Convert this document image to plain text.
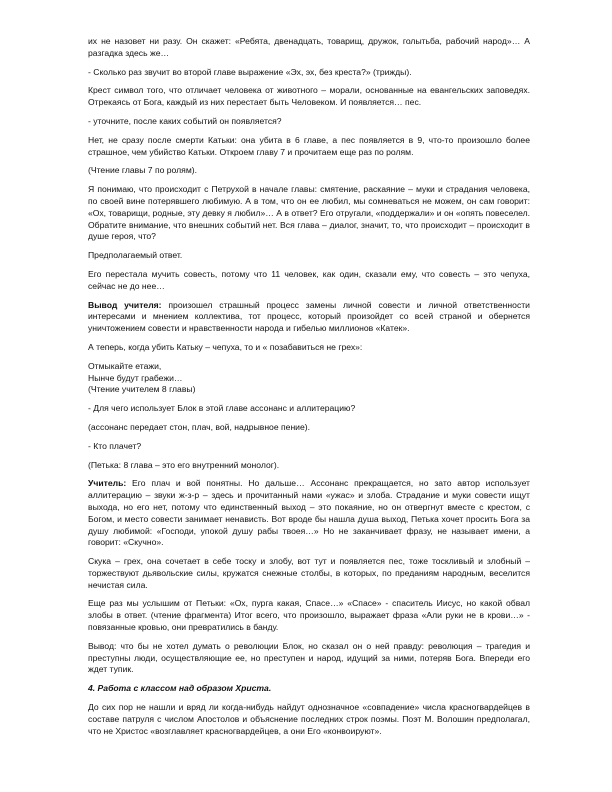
их не назовет ни разу. Он скажет: «Ребята, двенадцать, товарищ, дружок, голытьба, рабочий народ»… А разгадка здесь же…

- Сколько раз звучит во второй главе выражение «Эх, эх, без креста?» (трижды).

Крест символ того, что отличает человека от животного – морали, основанные на евангельских заповедях. Отрекаясь от Бога, каждый из них перестает быть Человеком. И появляется… пес.

- уточните, после каких событий он появляется?

Нет, не сразу после смерти Катьки: она убита в 6 главе, а пес появляется в 9, что-то произошло более страшное, чем убийство Катьки. Откроем главу 7 и прочитаем еще раз по ролям.

(Чтение главы 7 по ролям).

Я понимаю, что происходит с Петрухой в начале главы: смятение, раскаяние – муки и страдания человека, по своей вине потерявшего любимую. А в том, что он ее любил, мы сомневаться не можем, он сам говорит: «Ох, товарищи, родные, эту девку я любил»… А в ответ? Его отругали, «поддержали» и он «опять повеселел. Обратите внимание, что внешних событий нет. Вся глава – диалог, значит, то, что происходит – происходит в душе героя, что?

Предполагаемый ответ.

Его перестала мучить совесть, потому что 11 человек, как один, сказали ему, что совесть – это чепуха, сейчас не до нее…

Вывод учителя: произошел страшный процесс замены личной совести и личной ответственности интересами и мнением коллектива, тот процесс, который произойдет со всей страной и обернется уничтожением совести и нравственности народа и гибелью миллионов «Катек».

А теперь, когда убить Катьку – чепуха, то и « позабавиться не грех»:

Отмыкайте етажи,

Нынче будут грабежи…

(Чтение учителем 8 главы)

- Для чего использует Блок в этой главе ассонанс и аллитерацию?

(ассонанс передает стон, плач, вой, надрывное пение).

- Кто плачет?

(Петька: 8 глава – это его внутренний монолог).

Учитель: Его плач и вой понятны. Но дальше… Ассонанс прекращается, но зато автор использует аллитерацию – звуки ж-з-р – здесь и прочитанный нами «ужас» и злоба. Страдание и муки совести ищут выхода, но его нет, потому что единственный выход – это покаяние, но он отвергнут вместе с крестом, с Богом, и место совести занимает ненависть. Вот вроде бы нашла душа выход, Петька хочет просить Бога за душу любимой: «Господи, упокой душу рабы твоея…» Но не заканчивает фразу, не называет имени, а говорит: «Скучно».

Скука – грех, она сочетает в себе тоску и злобу, вот тут и появляется пес, тоже тоскливый и злобный – торжествуют дьявольские силы, кружатся снежные столбы, в которых, по преданиям народным, веселится нечистая сила.

Еще раз мы услышим от Петьки: «Ох, пурга какая, Спасе…» «Спасе» - спаситель Иисус, но какой обвал злобы в ответ. (чтение фрагмента) Итог всего, что произошло, выражает фраза «Али руки не в крови…» - повязанные кровью, они превратились в банду.

Вывод: что бы не хотел думать о революции Блок, но сказал он о ней правду: революция – трагедия и преступны люди, осуществляющие ее, но преступен и народ, идущий за ними, потеряв Бога. Впереди его ждет тупик.

4. Работа с классом над образом Христа.

До сих пор не нашли и вряд ли когда-нибудь найдут однозначное «совпадение» числа красногвардейцев в составе патруля с числом Апостолов и объяснение последних строк поэмы. Поэт М. Волошин предполагал, что не Христос «возглавляет красногвардейцев, а они Его «конвоируют».
